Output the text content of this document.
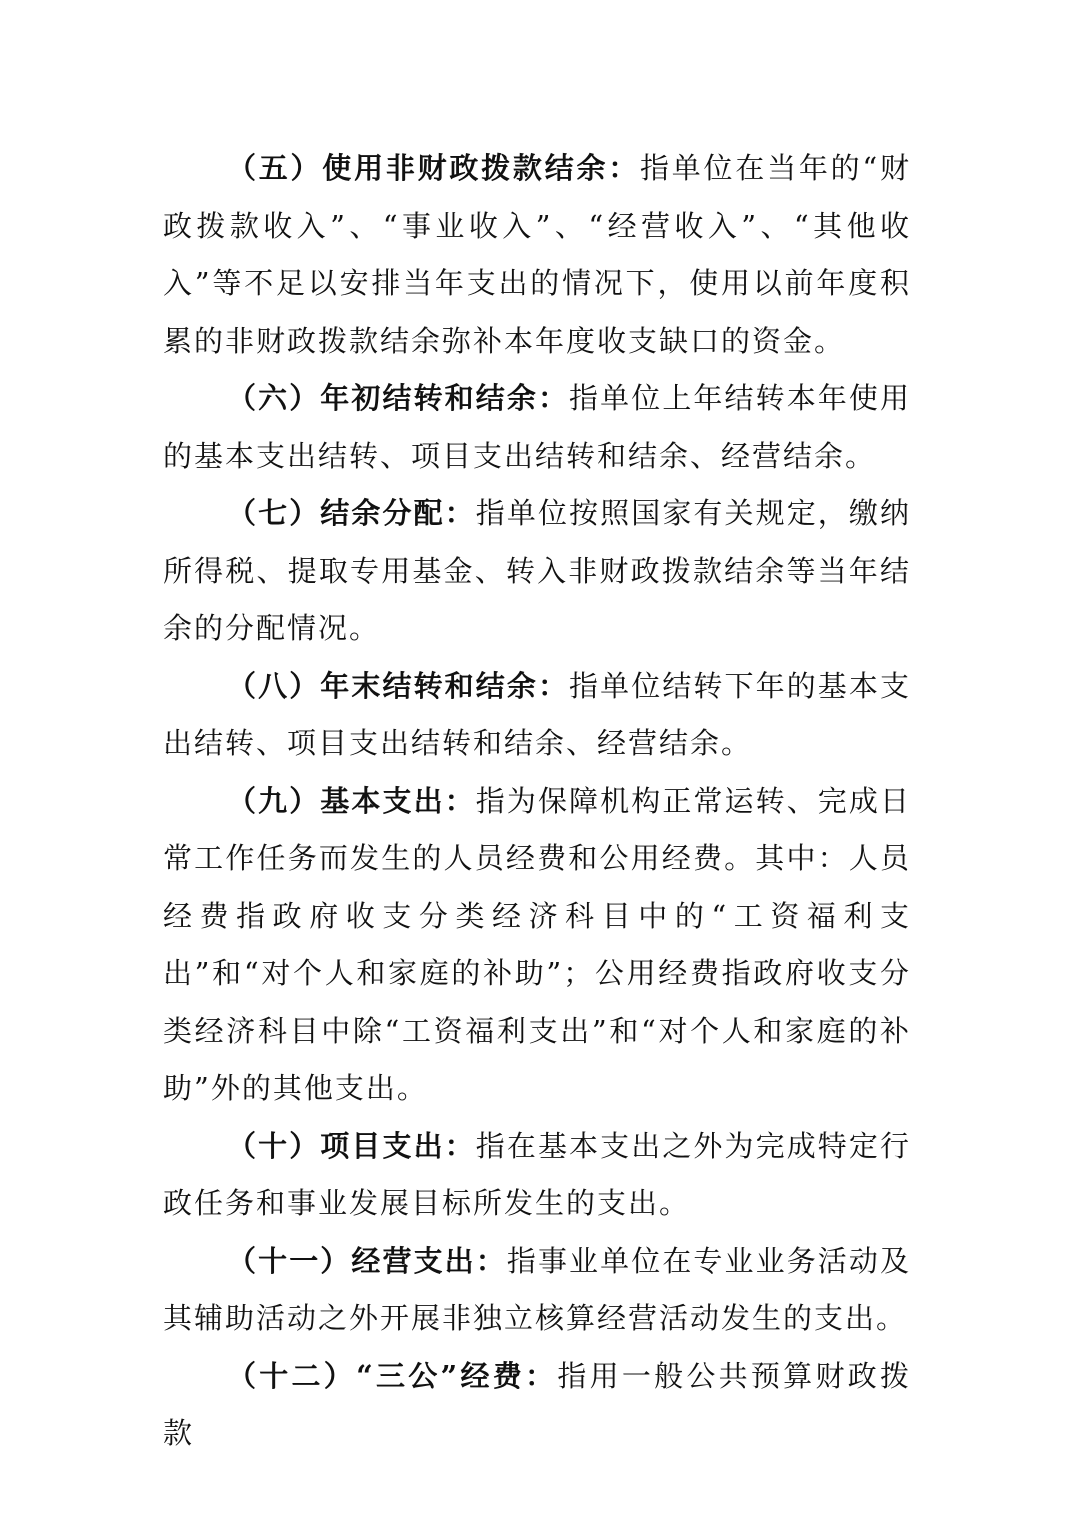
（五）使用非财政拨款结余：指单位在当年的“财政拨款收入”、“事业收入”、“经营收入”、“其他收入”等不足以安排当年支出的情况下，使用以前年度积累的非财政拨款结余弥补本年度收支缺口的资金。

（六）年初结转和结余：指单位上年结转本年使用的基本支出结转、项目支出结转和结余、经营结余。

（七）结余分配：指单位按照国家有关规定，缴纳所得税、提取专用基金、转入非财政拨款结余等当年结余的分配情况。

（八）年末结转和结余：指单位结转下年的基本支出结转、项目支出结转和结余、经营结余。

（九）基本支出：指为保障机构正常运转、完成日常工作任务而发生的人员经费和公用经费。其中：人员经费指政府收支分类经济科目中的“工资福利支出”和“对个人和家庭的补助”；公用经费指政府收支分类经济科目中除“工资福利支出”和“对个人和家庭的补助”外的其他支出。

（十）项目支出：指在基本支出之外为完成特定行政任务和事业发展目标所发生的支出。

（十一）经营支出：指事业单位在专业业务活动及其辅助活动之外开展非独立核算经营活动发生的支出。

（十二）“三公”经费：指用一般公共预算财政拨款
